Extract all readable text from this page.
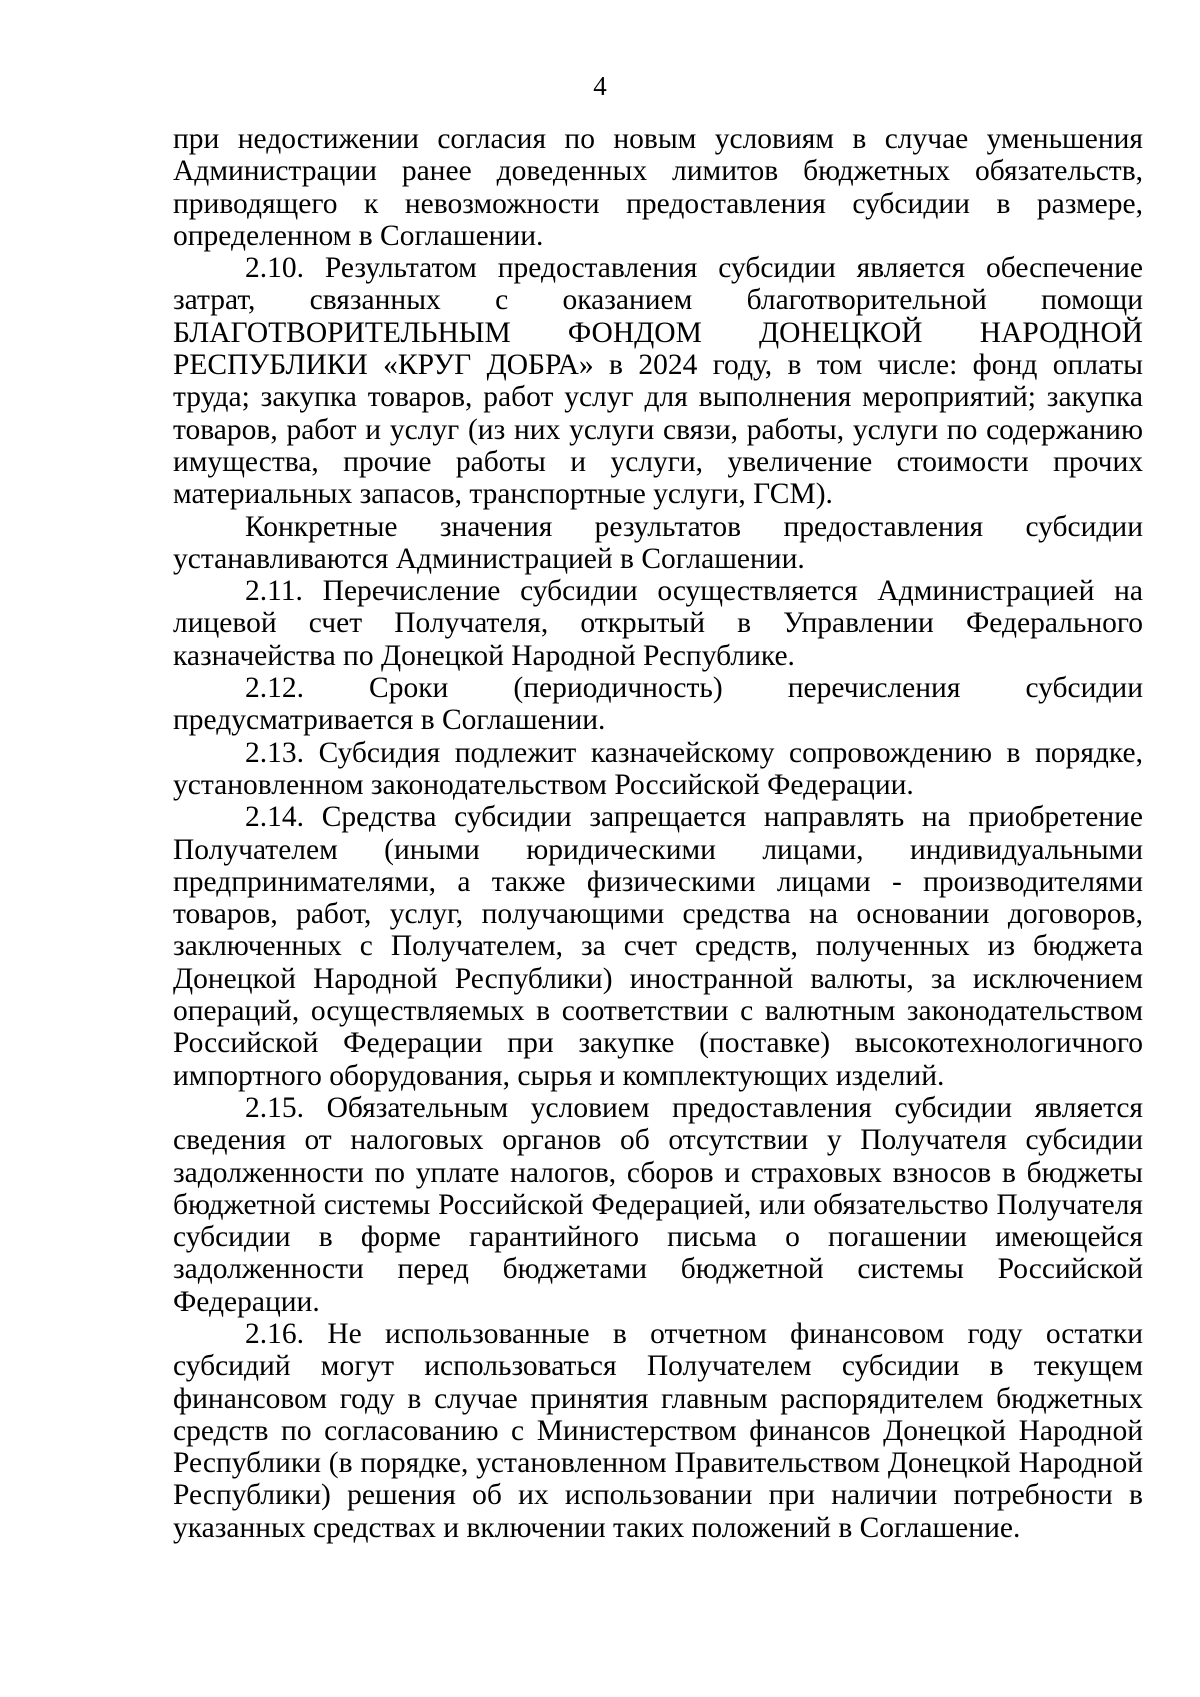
4

при недостижении согласия по новым условиям в случае уменьшения Администрации ранее доведенных лимитов бюджетных обязательств, приводящего к невозможности предоставления субсидии в размере, определенном в Соглашении.

2.10. Результатом предоставления субсидии является обеспечение затрат, связанных с оказанием благотворительной помощи БЛАГОТВОРИТЕЛЬНЫМ ФОНДОМ ДОНЕЦКОЙ НАРОДНОЙ РЕСПУБЛИКИ «КРУГ ДОБРА» в 2024 году, в том числе: фонд оплаты труда; закупка товаров, работ услуг для выполнения мероприятий; закупка товаров, работ и услуг (из них услуги связи, работы, услуги по содержанию имущества, прочие работы и услуги, увеличение стоимости прочих материальных запасов, транспортные услуги, ГСМ).

Конкретные значения результатов предоставления субсидии устанавливаются Администрацией в Соглашении.

2.11. Перечисление субсидии осуществляется Администрацией на лицевой счет Получателя, открытый в Управлении Федерального казначейства по Донецкой Народной Республике.

2.12. Сроки (периодичность) перечисления субсидии предусматривается в Соглашении.

2.13. Субсидия подлежит казначейскому сопровождению в порядке, установленном законодательством Российской Федерации.

2.14. Средства субсидии запрещается направлять на приобретение Получателем (иными юридическими лицами, индивидуальными предпринимателями, а также физическими лицами - производителями товаров, работ, услуг, получающими средства на основании договоров, заключенных с Получателем, за счет средств, полученных из бюджета Донецкой Народной Республики) иностранной валюты, за исключением операций, осуществляемых в соответствии с валютным законодательством Российской Федерации при закупке (поставке) высокотехнологичного импортного оборудования, сырья и комплектующих изделий.

2.15. Обязательным условием предоставления субсидии является сведения от налоговых органов об отсутствии у Получателя субсидии задолженности по уплате налогов, сборов и страховых взносов в бюджеты бюджетной системы Российской Федерацией, или обязательство Получателя субсидии в форме гарантийного письма о погашении имеющейся задолженности перед бюджетами бюджетной системы Российской Федерации.

2.16. Не использованные в отчетном финансовом году остатки субсидий могут использоваться Получателем субсидии в текущем финансовом году в случае принятия главным распорядителем бюджетных средств по согласованию с Министерством финансов Донецкой Народной Республики (в порядке, установленном Правительством Донецкой Народной Республики) решения об их использовании при наличии потребности в указанных средствах и включении таких положений в Соглашение.
